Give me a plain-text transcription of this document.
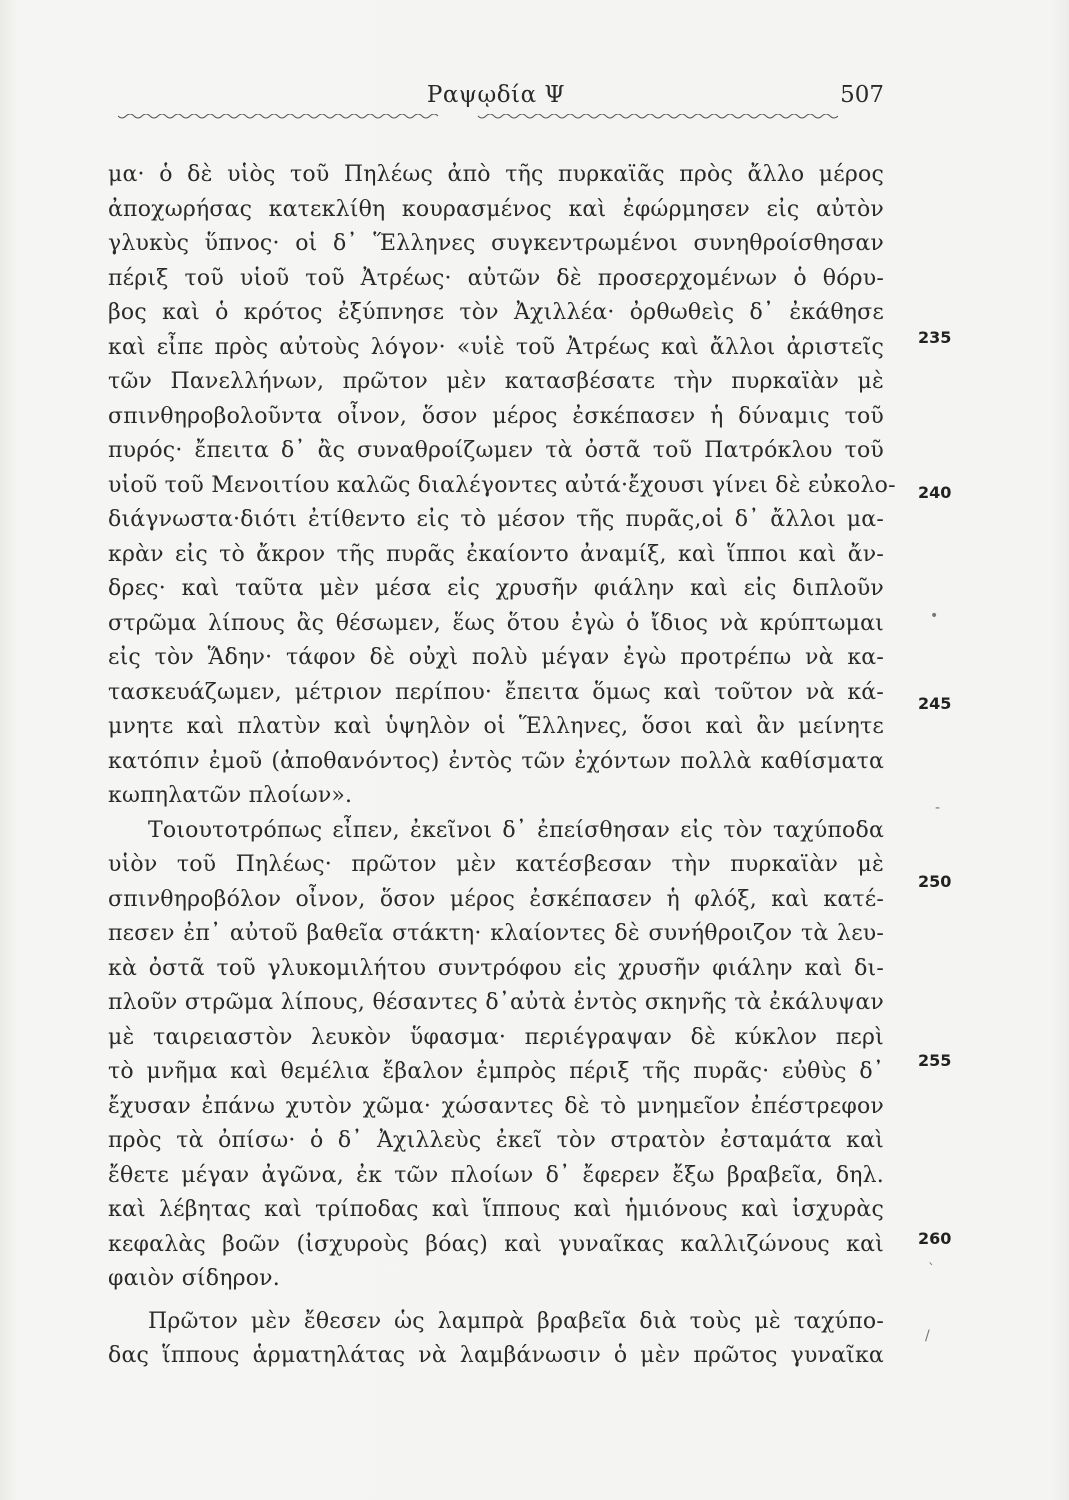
Ραψῳδία Ψ	507
μα· ὁ δὲ υἱὸς τοῦ Πηλέως ἀπὸ τῆς πυρκαϊᾶς πρὸς ἄλλο μέρος
ἀποχωρήσας κατεκλίθη κουρασμένος καὶ ἐφώρμησεν εἰς αὐτὸν
γλυκὺς ὕπνος· οἱ δ᾽ Ἕλληνες συγκεντρωμένοι συνηθροίσθησαν
πέριξ τοῦ υἱοῦ τοῦ Ἀτρέως· αὐτῶν δὲ προσερχομένων ὁ θόρυ-
βος καὶ ὁ κρότος ἐξύπνησε τὸν Ἀχιλλέα· ὀρθωθεὶς δ᾽ ἐκάθησε
καὶ εἶπε πρὸς αὐτοὺς λόγον· «υἱὲ τοῦ Ἀτρέως καὶ ἄλλοι ἀριστεῖς
τῶν Πανελλήνων, πρῶτον μὲν κατασβέσατε τὴν πυρκαϊὰν μὲ
σπινθηροβολοῦντα οἶνον, ὅσον μέρος ἐσκέπασεν ἡ δύναμις τοῦ
πυρός· ἔπειτα δ᾽ ἂς συναθροίζωμεν τὰ ὀστᾶ τοῦ Πατρόκλου τοῦ
υἱοῦ τοῦ Μενοιτίου καλῶς διαλέγοντες αὐτά·ἔχουσι γίνει δὲ εὐκολο-
διάγνωστα·διότι ἐτίθεντο εἰς τὸ μέσον τῆς πυρᾶς,οἱ δ᾽ ἄλλοι μα-
κρὰν εἰς τὸ ἄκρον τῆς πυρᾶς ἐκαίοντο ἀναμίξ, καὶ ἵπποι καὶ ἄν-
δρες· καὶ ταῦτα μὲν μέσα εἰς χρυσῆν φιάλην καὶ εἰς διπλοῦν
στρῶμα λίπους ἂς θέσωμεν, ἕως ὅτου ἐγὼ ὁ ἴδιος νὰ κρύπτωμαι
εἰς τὸν Ἅδην· τάφον δὲ οὐχὶ πολὺ μέγαν ἐγὼ προτρέπω νὰ κα-
τασκευάζωμεν, μέτριον περίπου· ἔπειτα ὅμως καὶ τοῦτον νὰ κά-
μνητε καὶ πλατὺν καὶ ὑψηλὸν οἱ Ἕλληνες, ὅσοι καὶ ἂν μείνητε
κατόπιν ἐμοῦ (ἀποθανόντος) ἐντὸς τῶν ἐχόντων πολλὰ καθίσματα
κωπηλατῶν πλοίων».
Τοιουτοτρόπως εἶπεν, ἐκεῖνοι δ᾽ ἐπείσθησαν εἰς τὸν ταχύποδα
υἱὸν τοῦ Πηλέως· πρῶτον μὲν κατέσβεσαν τὴν πυρκαϊὰν μὲ
σπινθηροβόλον οἶνον, ὅσον μέρος ἐσκέπασεν ἡ φλόξ, καὶ κατέ-
πεσεν ἐπ᾽ αὐτοῦ βαθεῖα στάκτη· κλαίοντες δὲ συνήθροιζον τὰ λευ-
κὰ ὀστᾶ τοῦ γλυκομιλήτου συντρόφου εἰς χρυσῆν φιάλην καὶ δι-
πλοῦν στρῶμα λίπους, θέσαντες δ᾽αὐτὰ ἐντὸς σκηνῆς τὰ ἐκάλυψαν
μὲ ταιρειαστὸν λευκὸν ὕφασμα· περιέγραψαν δὲ κύκλον περὶ
τὸ μνῆμα καὶ θεμέλια ἔβαλον ἐμπρὸς πέριξ τῆς πυρᾶς· εὐθὺς δ᾽
ἔχυσαν ἐπάνω χυτὸν χῶμα· χώσαντες δὲ τὸ μνημεῖον ἐπέστρεφον
πρὸς τὰ ὀπίσω· ὁ δ᾽ Ἀχιλλεὺς ἐκεῖ τὸν στρατὸν ἐσταμάτα καὶ
ἔθετε μέγαν ἀγῶνα, ἐκ τῶν πλοίων δ᾽ ἔφερεν ἔξω βραβεῖα, δηλ.
καὶ λέβητας καὶ τρίποδας καὶ ἵππους καὶ ἡμιόνους καὶ ἰσχυρὰς
κεφαλὰς βοῶν (ἰσχυροὺς βόας) καὶ γυναῖκας καλλιζώνους καὶ
φαιὸν σίδηρον.
Πρῶτον μὲν ἔθεσεν ὡς λαμπρὰ βραβεῖα διὰ τοὺς μὲ ταχύπο-
δας ἵππους ἁρματηλάτας νὰ λαμβάνωσιν ὁ μὲν πρῶτος γυναῖκα
235
240
245
250
255
260
•
-
`
/
